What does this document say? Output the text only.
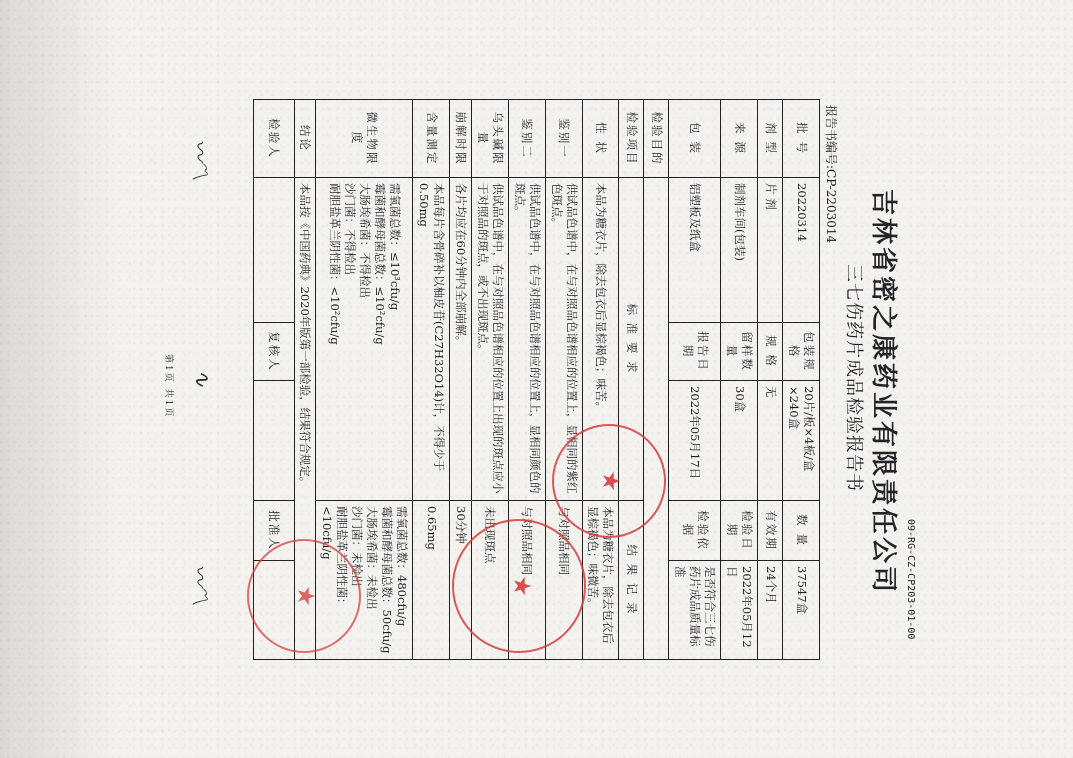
09-RG-CZ-CP203-01-00
吉林省密之康药业有限责任公司
三七伤药片成品检验报告书
报告书编号:CP-2203014
批 号	20220314	包装规格	20片/板×4板/盒×240盒	数 量	37547盒
剂 型	片 剂	规 格	无	有效期	24个月
来 源	制剂车间(包装)	留样数量	30盒	检验日期	2022年05月12日
包 装	铝塑板及纸盒	报告日期	2022年05月17日	检验依据	是否符合三七伤药片成品质量标准
检验目的					
检验项目	标 准 要 求			结 果 记 录	
性 状	本品为糖衣片，除去包衣后显棕褐色；味苦。			本品为糖衣片，除去包衣后显棕褐色；味微苦。	
鉴别一	供试品色谱中，在与对照品色谱相应的位置上，显相同的紫红色斑点。			与对照品相同	
鉴别二	供试品色谱中，在与对照品色谱相应的位置上，显相同颜色的斑点。			与对照品相同	
乌头碱限量	供试品色谱中，在与对照品色谱相应的位置上出现的斑点应小于对照品的斑点，或不出现斑点。			未出现斑点	
崩解时限	各片均应在60分钟内全部崩解。			30分钟	
含量测定	本品每片含骨碎补以柚皮苷(C27H32O14)计，不得少于0.50mg			0.65mg	
微生物限度	需氧菌总数：≤10³cfu/g
霉菌和酵母菌总数：≤10²cfu/g
大肠埃希菌：不得检出
沙门菌：不得检出
耐胆盐革兰阴性菌：<10²cfu/g			需氧菌总数：480cfu/g
霉菌和酵母菌总数：50cfu/g
大肠埃希菌：未检出
沙门菌：未检出
耐胆盐革兰阴性菌：<10cfu/g	
结论	本品按《中国药典》2020年版第一部检验，结果符合规定。				
检验人		复核人		批准人	
第1页 共1页
〰〽
∿
〰〽
★
★
★
